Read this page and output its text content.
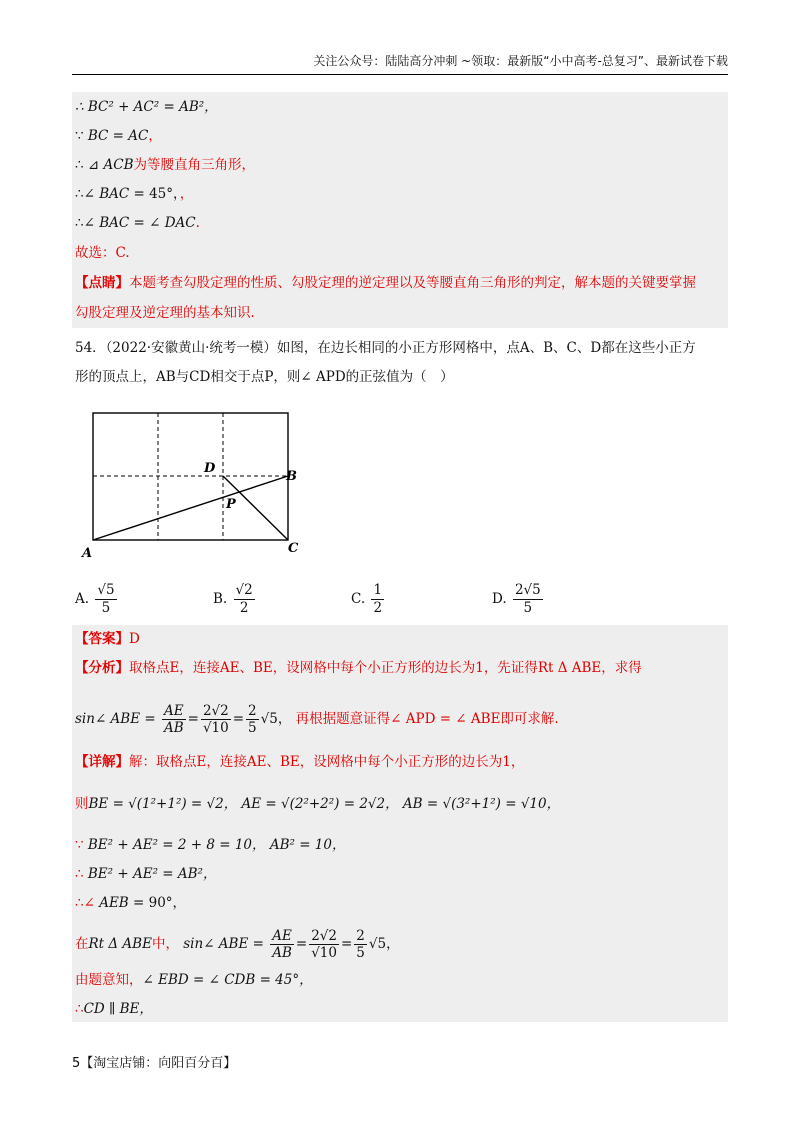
关注公众号：陆陆高分冲刺 ~领取：最新版“小中高考-总复习”、最新试卷下载
∴ BC² + AC² = AB²，
∵ BC = AC，
∴ ⊿ ACB为等腰直角三角形，
∴∠ BAC = 45°，，
∴∠ BAC = ∠ DAC.
故选：C.
【点睛】本题考查勾股定理的性质、勾股定理的逆定理以及等腰直角三角形的判定，解本题的关键要掌握
勾股定理及逆定理的基本知识.
54．（2022·安徽黄山·统考一模）如图，在边长相同的小正方形网格中，点A、B、C、D都在这些小正方
形的顶点上，AB与CD相交于点P，则∠ APD的正弦值为（　）
A
B
C
D
P
A. $\frac{√5}{5}$	B. $\frac{√2}{2}$	C. $\frac{1}{2}$	D. $\frac{2√5}{5}$
【答案】D
【分析】取格点E，连接AE、BE，设网格中每个小正方形的边长为1，先证得Rt Δ ABE，求得
sin∠ ABE = $\frac{AE}{AB} = \frac{2√2}{√10} = \frac{2}{5} √5$， 再根据题意证得∠ APD = ∠ ABE即可求解.
【详解】解：取格点E，连接AE、BE，设网格中每个小正方形的边长为1，
则BE = √(1²+1²) = √2， AE = √(2²+2²) = 2√2， AB = √(3²+1²) = √10，
∵ BE² + AE² = 2 + 8 = 10， AB² = 10，
∴ BE² + AE² = AB²，
∴∠ AEB = 90°，
在Rt Δ ABE中， sin∠ ABE = $\frac{AE}{AB} = \frac{2√2}{√10} = \frac{2}{5} √5$，
由题意知，∠ EBD = ∠ CDB = 45°，
∴CD ∥ BE，
5【淘宝店铺：向阳百分百】
